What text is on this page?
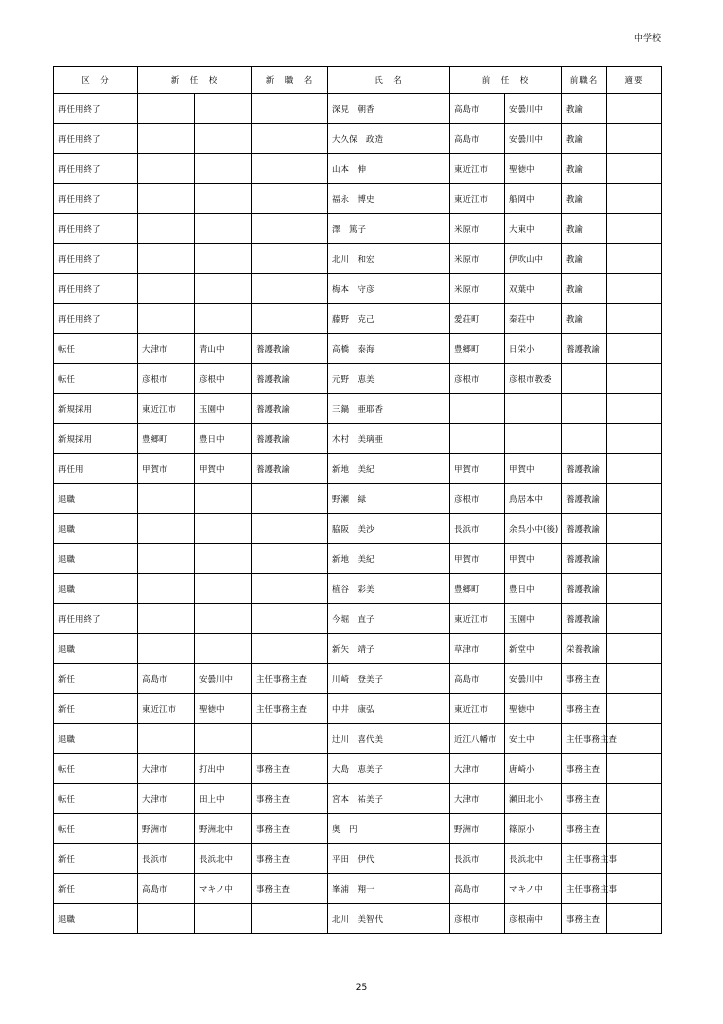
中学校
区　分	新　任　校		新　職　名	氏　名	前　任　校		前職名	適要
再任用終了				深見　朝香	高島市	安曇川中	教諭	
再任用終了				大久保　政造	高島市	安曇川中	教諭	
再任用終了				山本　伸	東近江市	聖徳中	教諭	
再任用終了				福永　博史	東近江市	船岡中	教諭	
再任用終了				澤　篤子	米原市	大東中	教諭	
再任用終了				北川　和宏	米原市	伊吹山中	教諭	
再任用終了				梅本　守彦	米原市	双葉中	教諭	
再任用終了				藤野　克己	愛荘町	秦荘中	教諭	
転任	大津市	青山中	養護教諭	高橋　泰海	豊郷町	日栄小	養護教諭	
転任	彦根市	彦根中	養護教諭	元野　恵美	彦根市	彦根市教委		
新規採用	東近江市	玉園中	養護教諭	三鍋　亜耶香				
新規採用	豊郷町	豊日中	養護教諭	木村　美璃亜				
再任用	甲賀市	甲賀中	養護教諭	新地　美紀	甲賀市	甲賀中	養護教諭	
退職				野瀬　緑	彦根市	鳥居本中	養護教諭	
退職				脇阪　美沙	長浜市	余呉小中(後)	養護教諭	
退職				新地　美紀	甲賀市	甲賀中	養護教諭	
退職				植谷　彩美	豊郷町	豊日中	養護教諭	
再任用終了				今堀　直子	東近江市	玉園中	養護教諭	
退職				新矢　靖子	草津市	新堂中	栄養教諭	
新任	高島市	安曇川中	主任事務主査	川崎　登美子	高島市	安曇川中	事務主査	
新任	東近江市	聖徳中	主任事務主査	中井　康弘	東近江市	聖徳中	事務主査	
退職				辻川　喜代美	近江八幡市	安土中	主任事務主査	
転任	大津市	打出中	事務主査	大島　恵美子	大津市	唐崎小	事務主査	
転任	大津市	田上中	事務主査	宮本　祐美子	大津市	瀬田北小	事務主査	
転任	野洲市	野洲北中	事務主査	奥　円	野洲市	篠原小	事務主査	
新任	長浜市	長浜北中	事務主査	平田　伊代	長浜市	長浜北中	主任事務主事	
新任	高島市	マキノ中	事務主査	峯浦　翔一	高島市	マキノ中	主任事務主事	
退職				北川　美智代	彦根市	彦根南中	事務主査	
25
